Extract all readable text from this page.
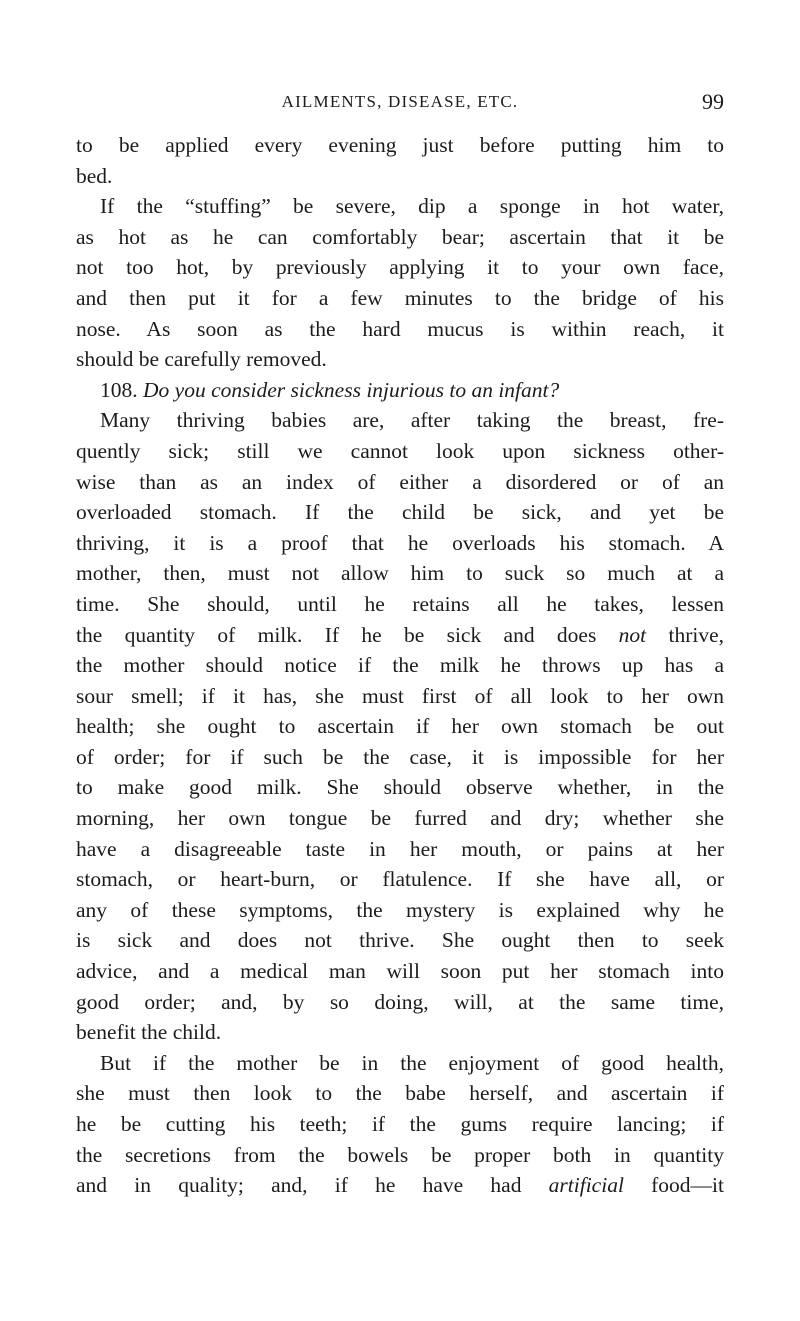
AILMENTS, DISEASE, ETC.	99

to be applied every evening just before putting him to
bed.

If the “stuffing” be severe, dip a sponge in hot water,
as hot as he can comfortably bear; ascertain that it be
not too hot, by previously applying it to your own face,
and then put it for a few minutes to the bridge of his
nose. As soon as the hard mucus is within reach, it
should be carefully removed.

108. Do you consider sickness injurious to an infant?

Many thriving babies are, after taking the breast, fre-
quently sick; still we cannot look upon sickness other-
wise than as an index of either a disordered or of an
overloaded stomach. If the child be sick, and yet be
thriving, it is a proof that he overloads his stomach. A
mother, then, must not allow him to suck so much at a
time. She should, until he retains all he takes, lessen
the quantity of milk. If he be sick and does not thrive,
the mother should notice if the milk he throws up has a
sour smell; if it has, she must first of all look to her own
health; she ought to ascertain if her own stomach be out
of order; for if such be the case, it is impossible for her
to make good milk. She should observe whether, in the
morning, her own tongue be furred and dry; whether she
have a disagreeable taste in her mouth, or pains at her
stomach, or heart-burn, or flatulence. If she have all, or
any of these symptoms, the mystery is explained why he
is sick and does not thrive. She ought then to seek
advice, and a medical man will soon put her stomach into
good order; and, by so doing, will, at the same time,
benefit the child.

But if the mother be in the enjoyment of good health,
she must then look to the babe herself, and ascertain if
he be cutting his teeth; if the gums require lancing; if
the secretions from the bowels be proper both in quantity
and in quality; and, if he have had artificial food—it
